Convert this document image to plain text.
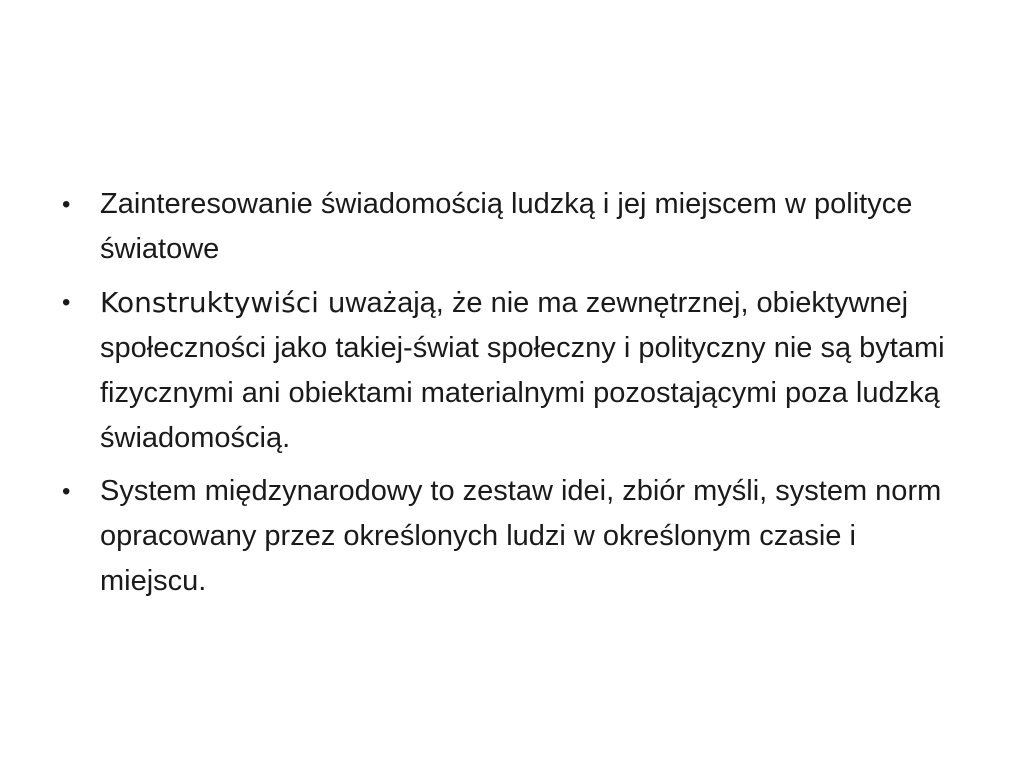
•	Zainteresowanie świadomością ludzką i jej miejscem w polityce światowe
•	Konstruktywiści uważają, że nie ma zewnętrznej, obiektywnej społeczności jako takiej-świat społeczny i polityczny nie są bytami fizycznymi ani obiektami materialnymi pozostającymi poza ludzką świadomością.
•	System międzynarodowy to zestaw idei, zbiór myśli, system norm opracowany przez określonych ludzi w określonym czasie i miejscu.
